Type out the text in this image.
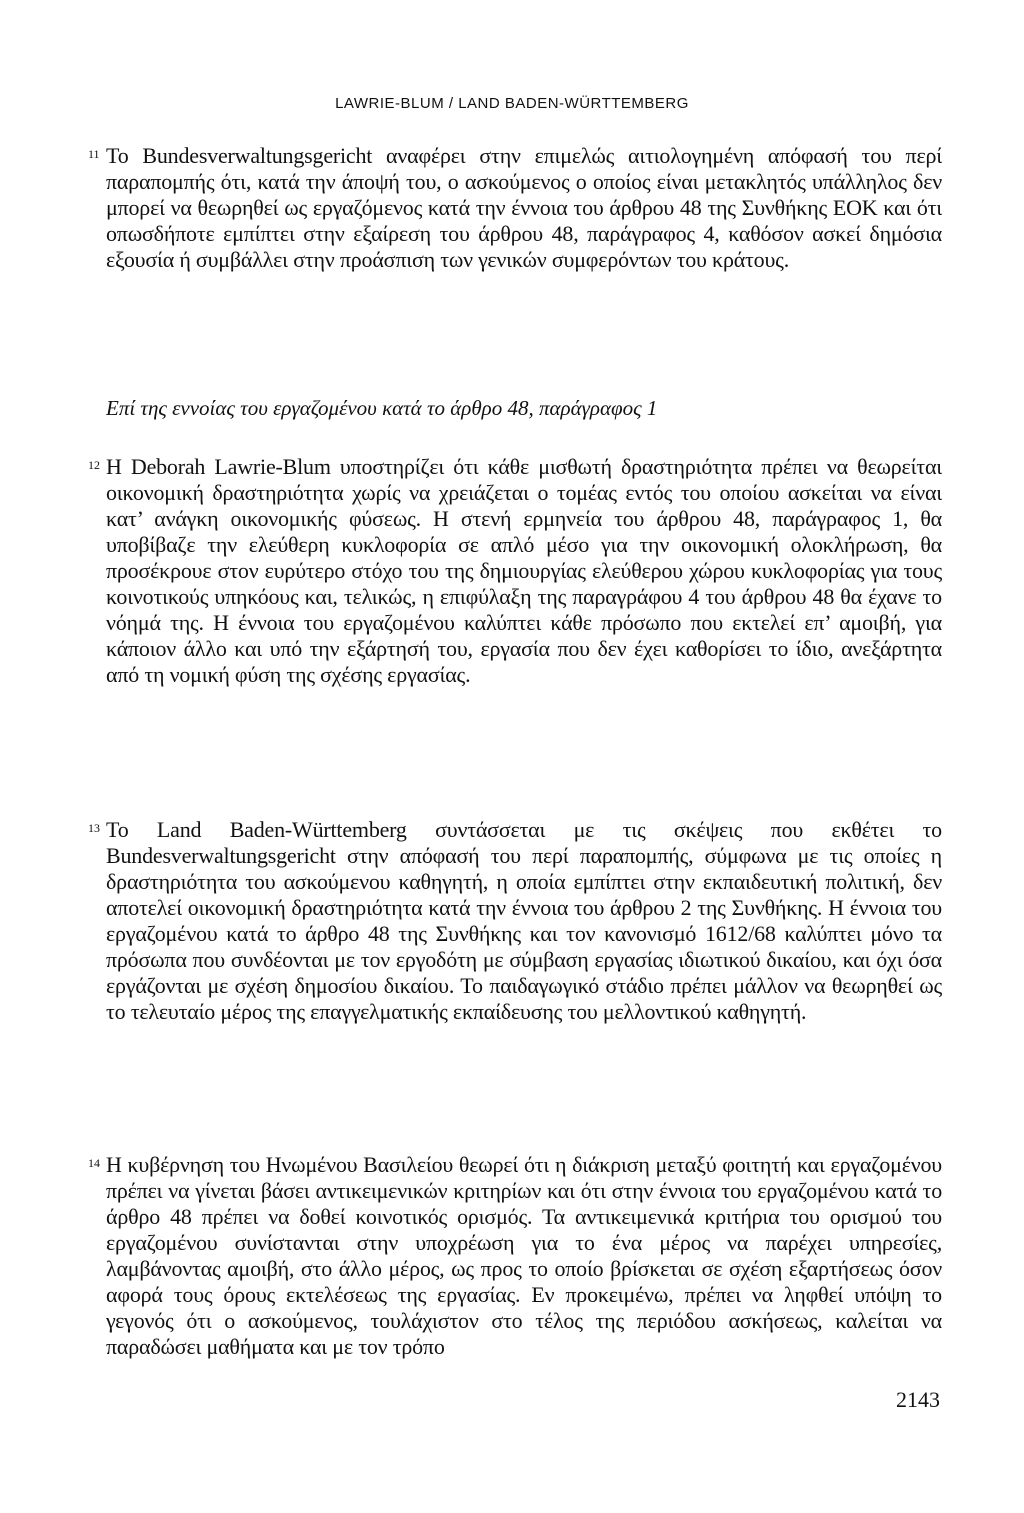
LAWRIE-BLUM / LAND BADEN-WÜRTTEMBERG
11 Το Bundesverwaltungsgericht αναφέρει στην επιμελώς αιτιολογημένη απόφασή του περί παραπομπής ότι, κατά την άποψή του, ο ασκούμενος ο οποίος είναι μετακλητός υπάλληλος δεν μπορεί να θεωρηθεί ως εργαζόμενος κατά την έννοια του άρθρου 48 της Συνθήκης ΕΟΚ και ότι οπωσδήποτε εμπίπτει στην εξαίρεση του άρθρου 48, παράγραφος 4, καθόσον ασκεί δημόσια εξουσία ή συμβάλλει στην προάσπιση των γενικών συμφερόντων του κράτους.

Επί της εννοίας του εργαζομένου κατά το άρθρο 48, παράγραφος 1
12 Η Deborah Lawrie-Blum υποστηρίζει ότι κάθε μισθωτή δραστηριότητα πρέπει να θεωρείται οικονομική δραστηριότητα χωρίς να χρειάζεται ο τομέας εντός του οποίου ασκείται να είναι κατ’ ανάγκη οικονομικής φύσεως. Η στενή ερμηνεία του άρθρου 48, παράγραφος 1, θα υποβίβαζε την ελεύθερη κυκλοφορία σε απλό μέσο για την οικονομική ολοκλήρωση, θα προσέκρουε στον ευρύτερο στόχο του της δημιουργίας ελεύθερου χώρου κυκλοφορίας για τους κοινοτικούς υπηκόους και, τελικώς, η επιφύλαξη της παραγράφου 4 του άρθρου 48 θα έχανε το νόημά της. Η έννοια του εργαζομένου καλύπτει κάθε πρόσωπο που εκτελεί επ’ αμοιβή, για κάποιον άλλο και υπό την εξάρτησή του, εργασία που δεν έχει καθορίσει το ίδιο, ανεξάρτητα από τη νομική φύση της σχέσης εργασίας.

13 Το Land Baden-Württemberg συντάσσεται με τις σκέψεις που εκθέτει το Bundesverwaltungsgericht στην απόφασή του περί παραπομπής, σύμφωνα με τις οποίες η δραστηριότητα του ασκούμενου καθηγητή, η οποία εμπίπτει στην εκπαιδευτική πολιτική, δεν αποτελεί οικονομική δραστηριότητα κατά την έννοια του άρθρου 2 της Συνθήκης. Η έννοια του εργαζομένου κατά το άρθρο 48 της Συνθήκης και τον κανονισμό 1612/68 καλύπτει μόνο τα πρόσωπα που συνδέονται με τον εργοδότη με σύμβαση εργασίας ιδιωτικού δικαίου, και όχι όσα εργάζονται με σχέση δημοσίου δικαίου. Το παιδαγωγικό στάδιο πρέπει μάλλον να θεωρηθεί ως το τελευταίο μέρος της επαγγελματικής εκπαίδευσης του μελλοντικού καθηγητή.

14 Η κυβέρνηση του Ηνωμένου Βασιλείου θεωρεί ότι η διάκριση μεταξύ φοιτητή και εργαζομένου πρέπει να γίνεται βάσει αντικειμενικών κριτηρίων και ότι στην έννοια του εργαζομένου κατά το άρθρο 48 πρέπει να δοθεί κοινοτικός ορισμός. Τα αντικειμενικά κριτήρια του ορισμού του εργαζομένου συνίστανται στην υποχρέωση για το ένα μέρος να παρέχει υπηρεσίες, λαμβάνοντας αμοιβή, στο άλλο μέρος, ως προς το οποίο βρίσκεται σε σχέση εξαρτήσεως όσον αφορά τους όρους εκτελέσεως της εργασίας. Εν προκειμένω, πρέπει να ληφθεί υπόψη το γεγονός ότι ο ασκούμενος, τουλάχιστον στο τέλος της περιόδου ασκήσεως, καλείται να παραδώσει μαθήματα και με τον τρόπο

2143
